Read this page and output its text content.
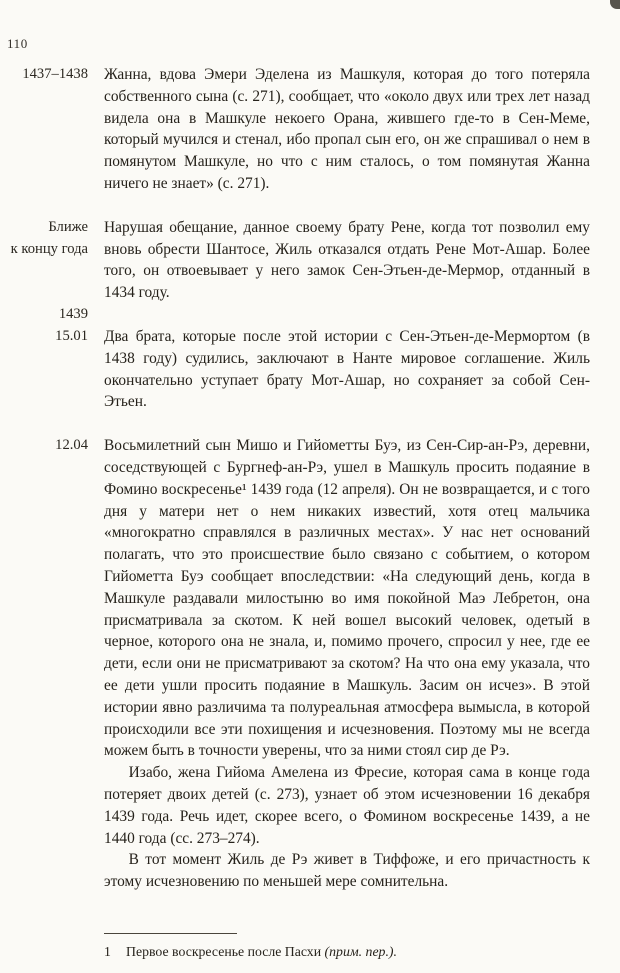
110
1437–1438 Жанна, вдова Эмери Эделена из Машкуля, которая до того потеряла собственного сына (с. 271), сообщает, что «около двух или трех лет назад видела она в Машкуле некоего Орана, жившего где-то в Сен-Меме, который мучился и стенал, ибо пропал сын его, он же спрашивал о нем в помянутом Машкуле, но что с ним сталось, о том помянутая Жанна ничего не знает» (с. 271).

Ближе
к концу года

Нарушая обещание, данное своему брату Рене, когда тот позволил ему вновь обрести Шантосе, Жиль отказался отдать Рене Мот-Ашар. Более того, он отвоевывает у него замок Сен-Этьен-де-Мермор, отданный в 1434 году.

1439
15.01 Два брата, которые после этой истории с Сен-Этьен-де-Мермортом (в 1438 году) судились, заключают в Нанте мировое соглашение. Жиль окончательно уступает брату Мот-Ашар, но сохраняет за собой Сен-Этьен.

12.04 Восьмилетний сын Мишо и Гийометты Буэ, из Сен-Сир-ан-Рэ, деревни, соседствующей с Бургнеф-ан-Рэ, ушел в Машкуль просить подаяние в Фомино воскресенье¹ 1439 года (12 апреля). Он не возвращается, и с того дня у матери нет о нем никаких известий, хотя отец мальчика «многократно справлялся в различных местах». У нас нет оснований полагать, что это происшествие было связано с событием, о котором Гийометта Буэ сообщает впоследствии: «На следующий день, когда в Машкуле раздавали милостыню во имя покойной Маэ Лебретон, она присматривала за скотом. К ней вошел высокий человек, одетый в черное, которого она не знала, и, помимо прочего, спросил у нее, где ее дети, если они не присматривают за скотом? На что она ему указала, что ее дети ушли просить подаяние в Машкуль. Засим он исчез». В этой истории явно различима та полуреальная атмосфера вымысла, в которой происходили все эти похищения и исчезновения. Поэтому мы не всегда можем быть в точности уверены, что за ними стоял сир де Рэ.

Изабо, жена Гийома Амелена из Фресие, которая сама в конце года потеряет двоих детей (с. 273), узнает об этом исчезновении 16 декабря 1439 года. Речь идет, скорее всего, о Фомином воскресенье 1439, а не 1440 года (сс. 273–274).

В тот момент Жиль де Рэ живет в Тиффоже, и его причастность к этому исчезновению по меньшей мере сомнительна.

1 Первое воскресенье после Пасхи (прим. пер.).
